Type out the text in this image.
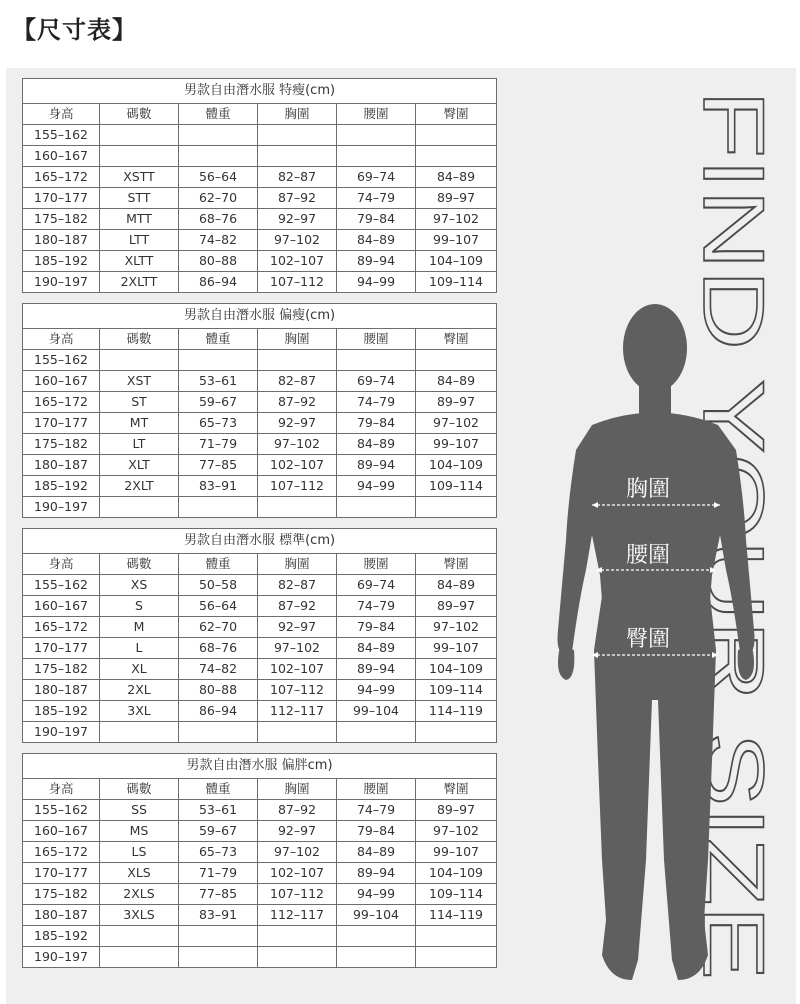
【尺寸表】
FIND YOUR SIZE
胸圍
腰圍
臀圍
男款自由潛水服 特瘦(cm)					
身高	碼數	體重	胸圍	腰圍	臀圍
155–162					
160–167					
165–172	XSTT	56–64	82–87	69–74	84–89
170–177	STT	62–70	87–92	74–79	89–97
175–182	MTT	68–76	92–97	79–84	97–102
180–187	LTT	74–82	97–102	84–89	99–107
185–192	XLTT	80–88	102–107	89–94	104–109
190–197	2XLTT	86–94	107–112	94–99	109–114
男款自由潛水服 偏瘦(cm)					
身高	碼數	體重	胸圍	腰圍	臀圍
155–162					
160–167	XST	53–61	82–87	69–74	84–89
165–172	ST	59–67	87–92	74–79	89–97
170–177	MT	65–73	92–97	79–84	97–102
175–182	LT	71–79	97–102	84–89	99–107
180–187	XLT	77–85	102–107	89–94	104–109
185–192	2XLT	83–91	107–112	94–99	109–114
190–197					
男款自由潛水服 標準(cm)					
身高	碼數	體重	胸圍	腰圍	臀圍
155–162	XS	50–58	82–87	69–74	84–89
160–167	S	56–64	87–92	74–79	89–97
165–172	M	62–70	92–97	79–84	97–102
170–177	L	68–76	97–102	84–89	99–107
175–182	XL	74–82	102–107	89–94	104–109
180–187	2XL	80–88	107–112	94–99	109–114
185–192	3XL	86–94	112–117	99–104	114–119
190–197					
男款自由潛水服 偏胖cm)					
身高	碼數	體重	胸圍	腰圍	臀圍
155–162	SS	53–61	87–92	74–79	89–97
160–167	MS	59–67	92–97	79–84	97–102
165–172	LS	65–73	97–102	84–89	99–107
170–177	XLS	71–79	102–107	89–94	104–109
175–182	2XLS	77–85	107–112	94–99	109–114
180–187	3XLS	83–91	112–117	99–104	114–119
185–192					
190–197					
